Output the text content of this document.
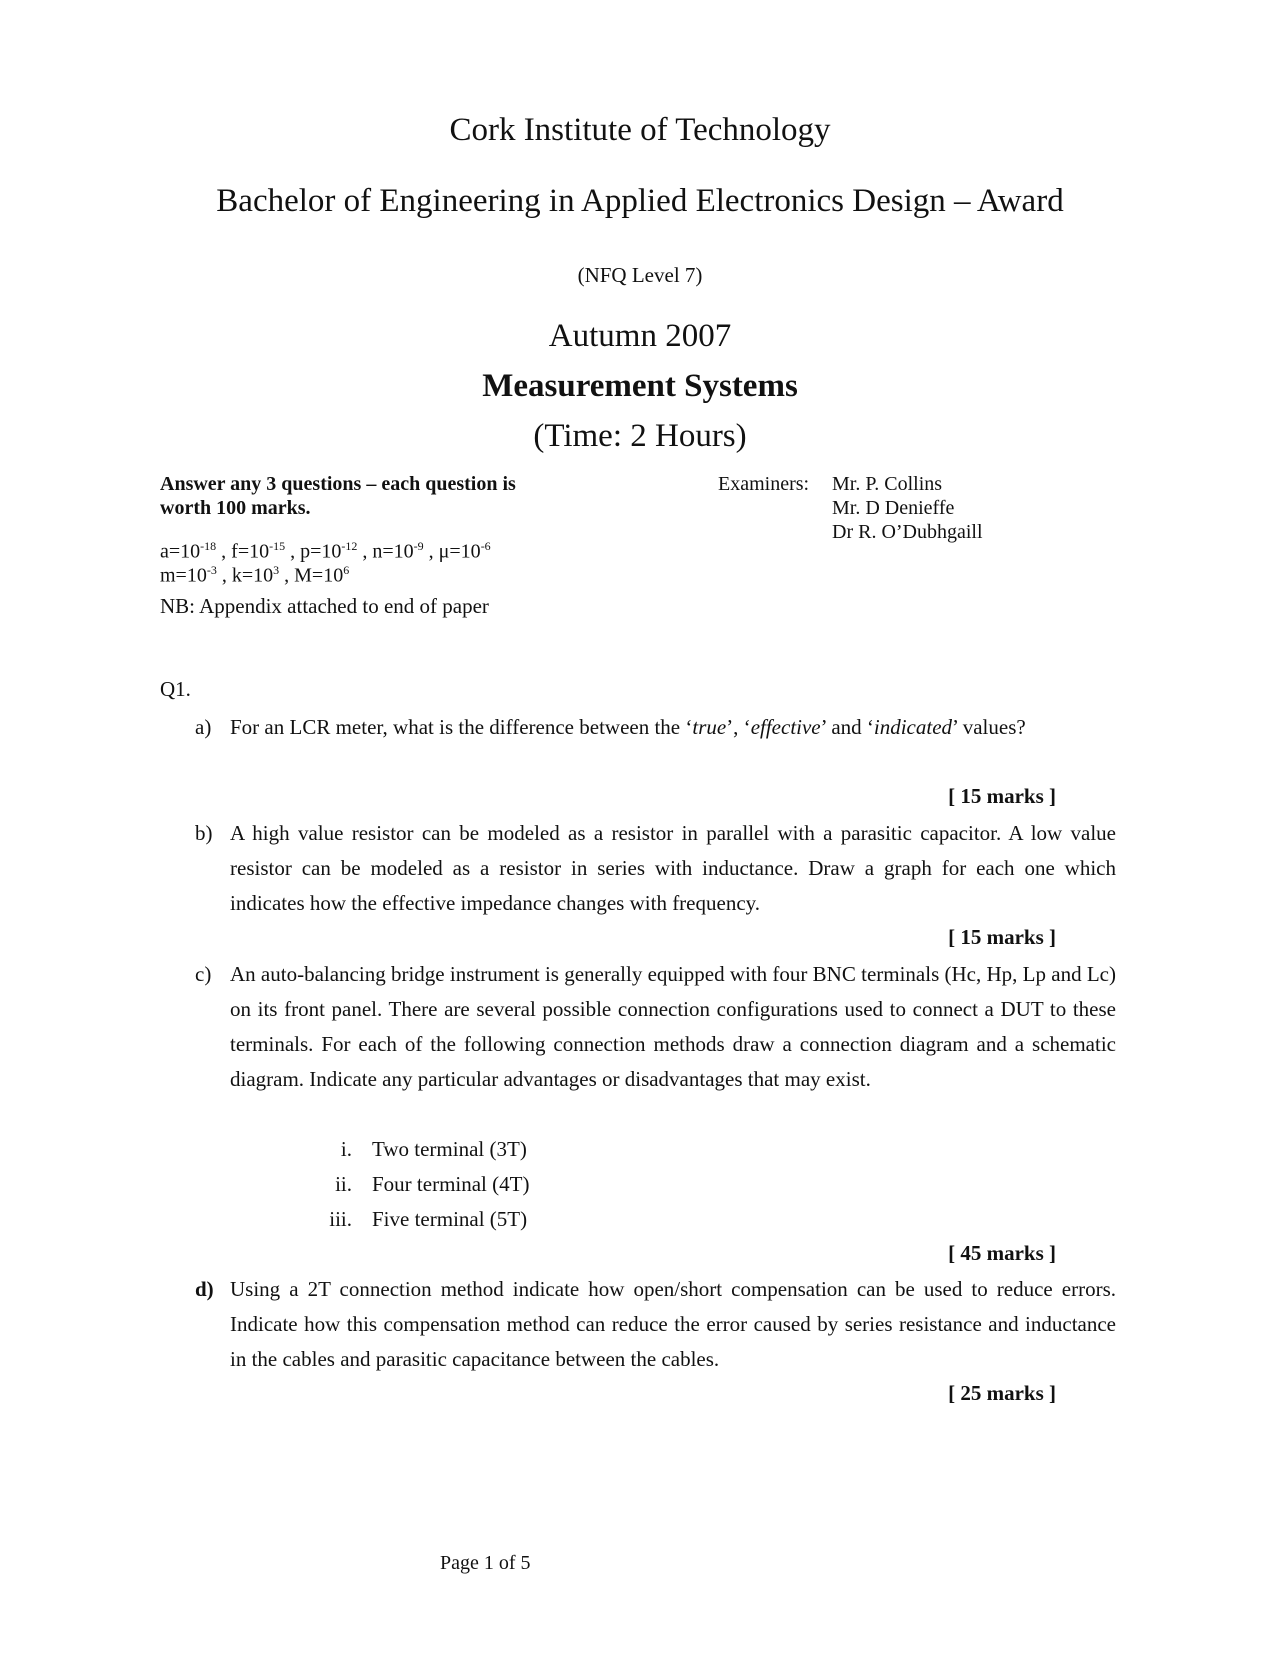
Cork Institute of Technology
Bachelor of Engineering in Applied Electronics Design – Award
(NFQ Level 7)
Autumn 2007
Measurement Systems
(Time: 2 Hours)
Answer any 3 questions – each question is worth 100 marks.
$a=10^{-18}$ , $f=10^{-15}$ , $p=10^{-12}$ , $n=10^{-9}$ , $\mu=10^{-6}$
$m=10^{-3}$ , $k=10^3$ , $M=10^6$
NB: Appendix attached to end of paper
Examiners: Mr. P. Collins
Mr. D Denieffe
Dr R. O’Dubhgaill
Q1.
a) For an LCR meter, what is the difference between the ‘true’, ‘effective’ and ‘indicated’ values?
[ 15 marks ]
b) A high value resistor can be modeled as a resistor in parallel with a parasitic capacitor. A low value resistor can be modeled as a resistor in series with inductance. Draw a graph for each one which indicates how the effective impedance changes with frequency.
[ 15 marks ]
c) An auto-balancing bridge instrument is generally equipped with four BNC terminals (Hc, Hp, Lp and Lc) on its front panel. There are several possible connection configurations used to connect a DUT to these terminals. For each of the following connection methods draw a connection diagram and a schematic diagram. Indicate any particular advantages or disadvantages that may exist.
i. Two terminal (3T)
ii. Four terminal (4T)
iii. Five terminal (5T)
[ 45 marks ]
d) Using a 2T connection method indicate how open/short compensation can be used to reduce errors. Indicate how this compensation method can reduce the error caused by series resistance and inductance in the cables and parasitic capacitance between the cables.
[ 25 marks ]
Page 1 of 5
